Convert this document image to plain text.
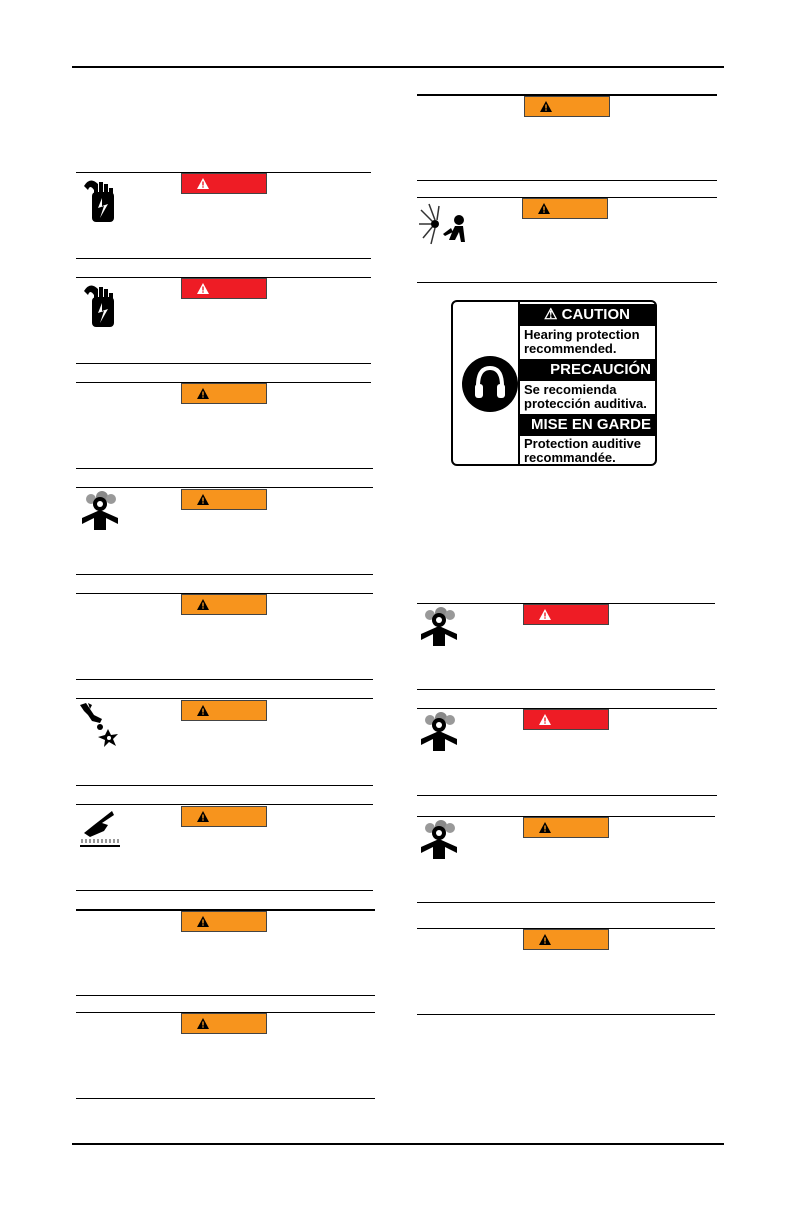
⚠ CAUTION
Hearing protection recommended.
PRECAUCIÓN
Se recomienda protección auditiva.
MISE EN GARDE
Protection auditive recommandée.
